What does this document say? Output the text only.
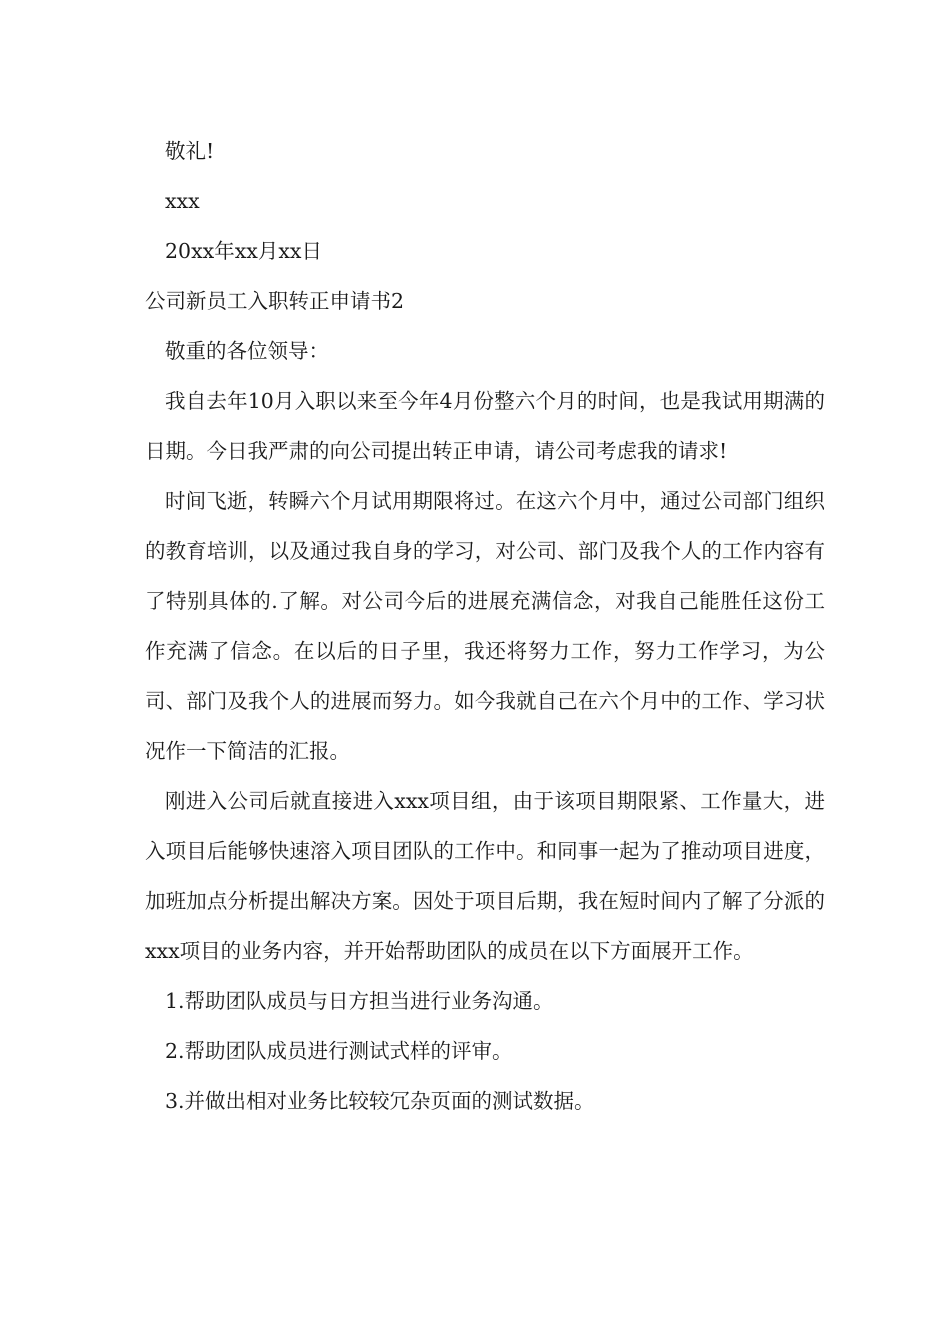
敬礼!
xxx
20xx年xx月xx日
公司新员工入职转正申请书2
敬重的各位领导：

我自去年10月入职以来至今年4月份整六个月的时间，也是我试用期满的日期。今日我严肃的向公司提出转正申请，请公司考虑我的请求!

时间飞逝，转瞬六个月试用期限将过。在这六个月中，通过公司部门组织的教育培训，以及通过我自身的学习，对公司、部门及我个人的工作内容有了特别具体的.了解。对公司今后的进展充满信念，对我自己能胜任这份工作充满了信念。在以后的日子里，我还将努力工作，努力工作学习，为公司、部门及我个人的进展而努力。如今我就自己在六个月中的工作、学习状况作一下简洁的汇报。

刚进入公司后就直接进入xxx项目组，由于该项目期限紧、工作量大，进入项目后能够快速溶入项目团队的工作中。和同事一起为了推动项目进度，加班加点分析提出解决方案。因处于项目后期，我在短时间内了解了分派的xxx项目的业务内容，并开始帮助团队的成员在以下方面展开工作。

1.帮助团队成员与日方担当进行业务沟通。
2.帮助团队成员进行测试式样的评审。
3.并做出相对业务比较较冗杂页面的测试数据。
